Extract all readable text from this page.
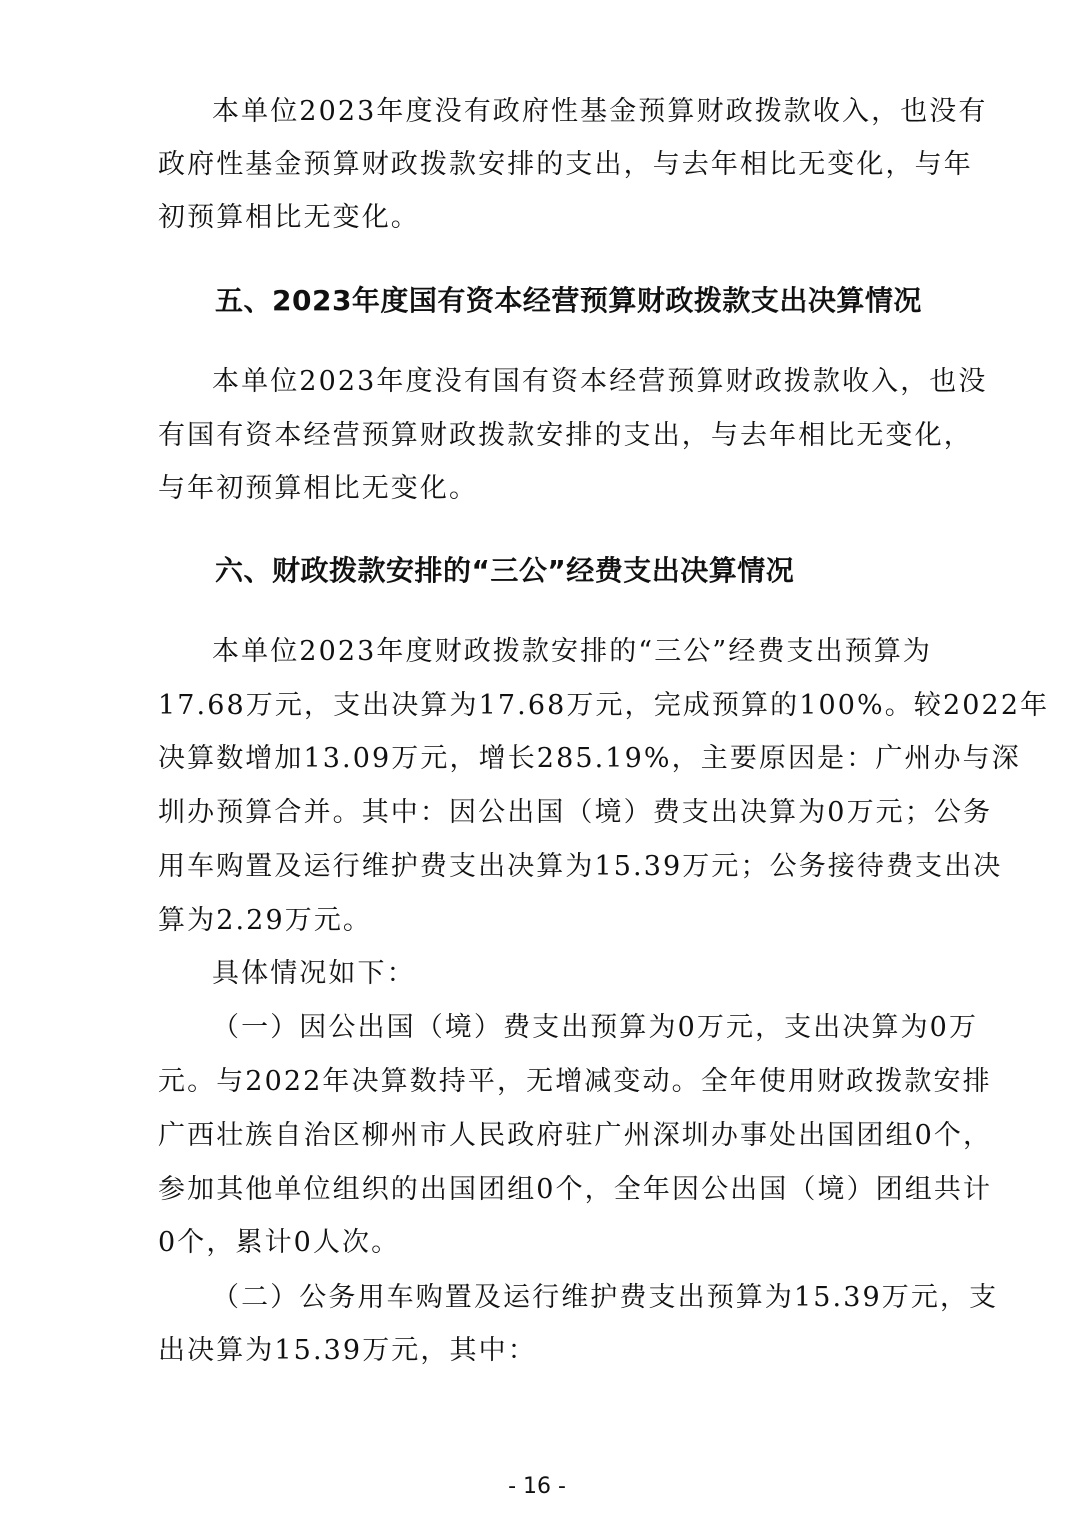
本单位2023年度没有政府性基金预算财政拨款收入，也没有
政府性基金预算财政拨款安排的支出，与去年相比无变化，与年
初预算相比无变化。
五、2023年度国有资本经营预算财政拨款支出决算情况
本单位2023年度没有国有资本经营预算财政拨款收入，也没
有国有资本经营预算财政拨款安排的支出，与去年相比无变化，
与年初预算相比无变化。
六、财政拨款安排的“三公”经费支出决算情况
本单位2023年度财政拨款安排的“三公”经费支出预算为
17.68万元，支出决算为17.68万元，完成预算的100%。较2022年
决算数增加13.09万元，增长285.19%，主要原因是：广州办与深
圳办预算合并。其中：因公出国（境）费支出决算为0万元；公务
用车购置及运行维护费支出决算为15.39万元；公务接待费支出决
算为2.29万元。
具体情况如下：
（一）因公出国（境）费支出预算为0万元，支出决算为0万
元。与2022年决算数持平，无增减变动。全年使用财政拨款安排
广西壮族自治区柳州市人民政府驻广州深圳办事处出国团组0个，
参加其他单位组织的出国团组0个，全年因公出国（境）团组共计
0个，累计0人次。
（二）公务用车购置及运行维护费支出预算为15.39万元，支
出决算为15.39万元，其中：
- 16 -
